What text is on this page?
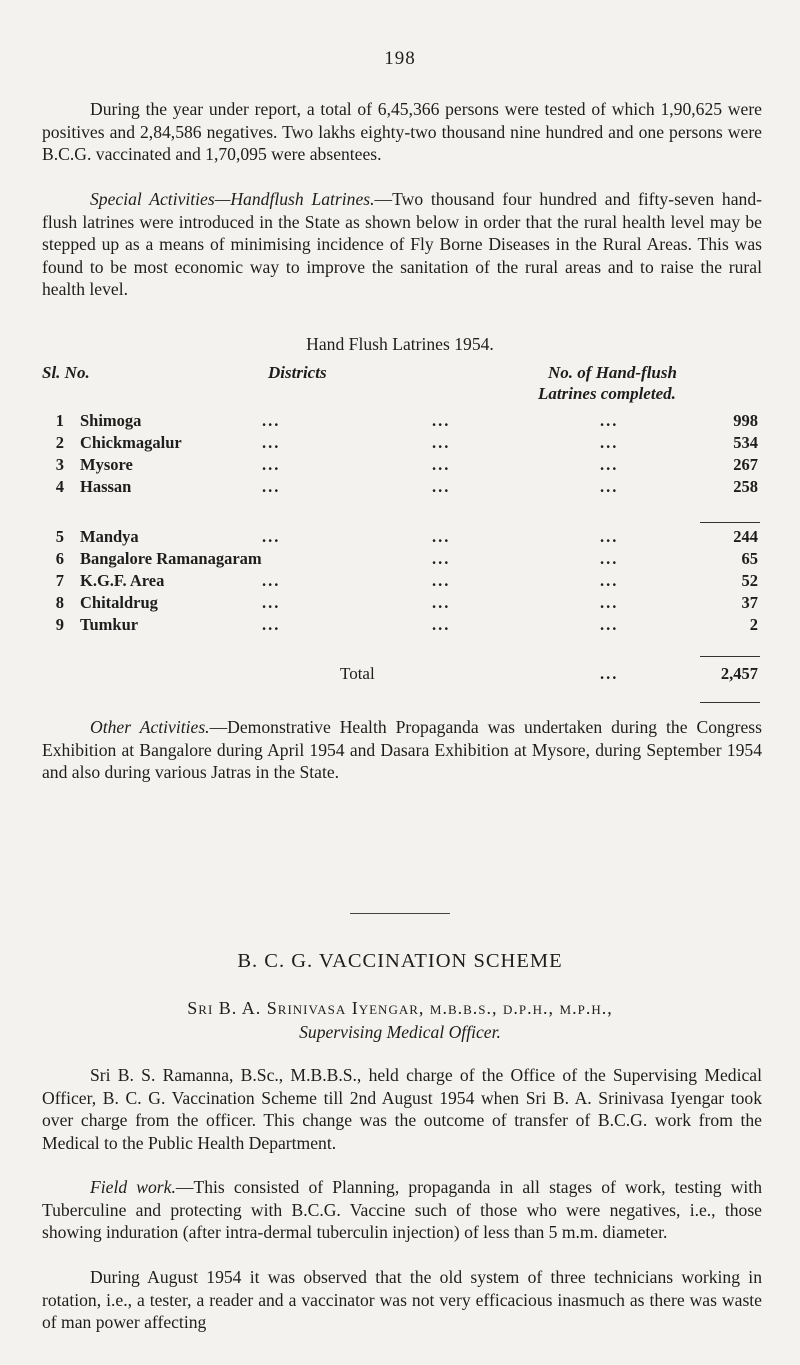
198
During the year under report, a total of 6,45,366 persons were tested of which 1,90,625 were positives and 2,84,586 negatives. Two lakhs eighty-two thousand nine hundred and one persons were B.C.G. vaccinated and 1,70,095 were absentees.
Special Activities—Handflush Latrines.—Two thousand four hundred and fifty-seven hand-flush latrines were introduced in the State as shown below in order that the rural health level may be stepped up as a means of minimising incidence of Fly Borne Diseases in the Rural Areas. This was found to be most economic way to improve the sanitation of the rural areas and to raise the rural health level.
Hand Flush Latrines 1954.
Sl. No.	Districts	No. of Hand-flush
Latrines completed.
1 Shimoga	...	...	...	998
2 Chickmagalur	...	...	...	534
3 Mysore	...	...	...	267
4 Hassan	...	...	...	258
5 Mandya	...	...	...	244
6 Bangalore Ramanagaram	...	...	65
7 K.G.F. Area	...	...	...	52
8 Chitaldrug	...	...	...	37
9 Tumkur	...	...	...	2
Total	...	2,457
Other Activities.—Demonstrative Health Propaganda was undertaken during the Congress Exhibition at Bangalore during April 1954 and Dasara Exhibition at Mysore, during September 1954 and also during various Jatras in the State.
B. C. G. VACCINATION SCHEME
Sri B. A. Srinivasa Iyengar, m.b.b.s., d.p.h., m.p.h.,
Supervising Medical Officer.
Sri B. S. Ramanna, B.Sc., M.B.B.S., held charge of the Office of the Supervising Medical Officer, B. C. G. Vaccination Scheme till 2nd August 1954 when Sri B. A. Srinivasa Iyengar took over charge from the officer. This change was the outcome of transfer of B.C.G. work from the Medical to the Public Health Department.
Field work.—This consisted of Planning, propaganda in all stages of work, testing with Tuberculine and protecting with B.C.G. Vaccine such of those who were negatives, i.e., those showing induration (after intra-dermal tuberculin injection) of less than 5 m.m. diameter.
During August 1954 it was observed that the old system of three technicians working in rotation, i.e., a tester, a reader and a vaccinator was not very efficacious inasmuch as there was waste of man power affecting
